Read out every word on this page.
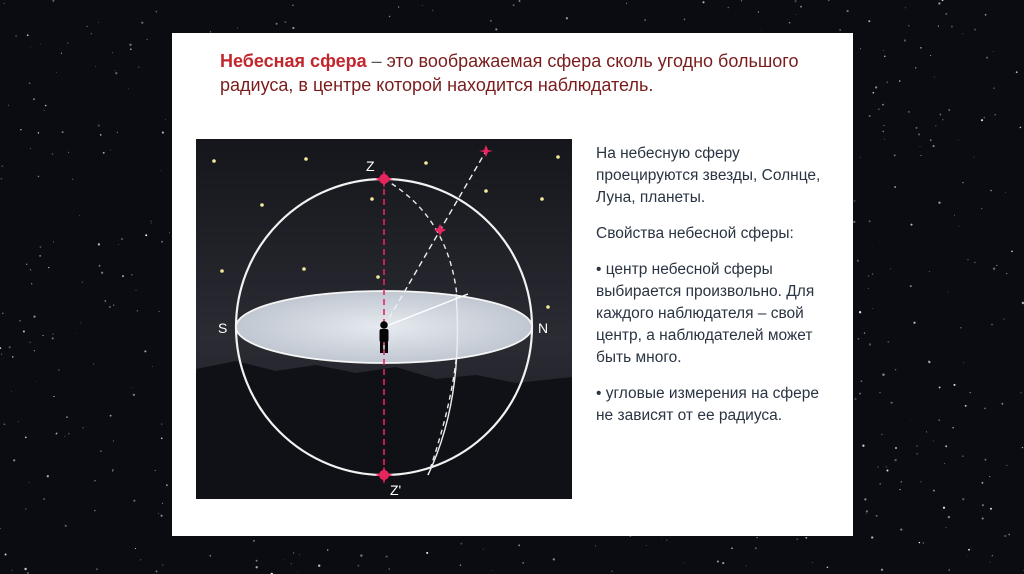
Небесная сфера – это воображаемая сфера сколь угодно большого радиуса, в центре которой находится наблюдатель.
Z
Z'
S	N

На небесную сферу проецируются звезды, Солнце, Луна, планеты.

Свойства небесной сферы:

• центр небесной сферы выбирается произвольно. Для каждого наблюдателя – свой центр, а наблюдателей может быть много.

• угловые измерения на сфере не зависят от ее радиуса.
